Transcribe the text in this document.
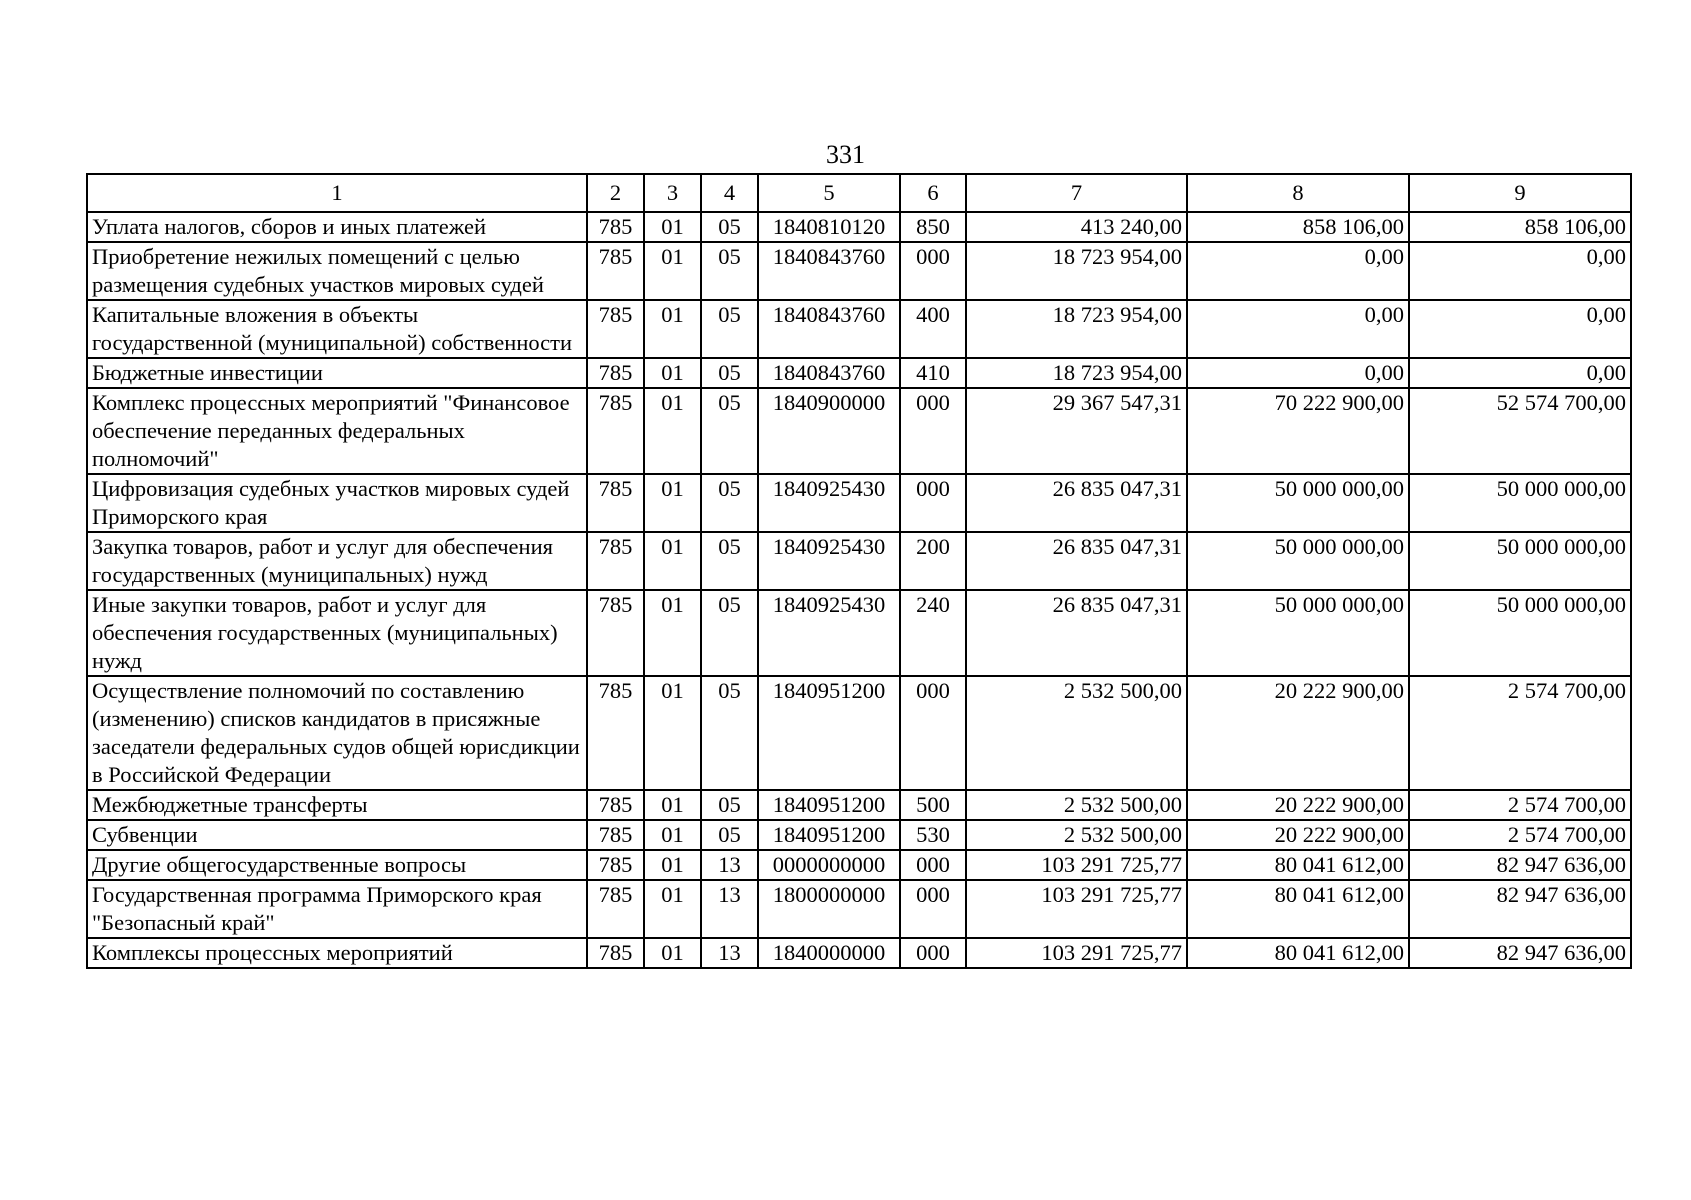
331
1	2	3	4	5	6	7	8	9
Уплата налогов, сборов и иных платежей	785	01	05	1840810120	850	413 240,00	858 106,00	858 106,00
Приобретение нежилых помещений с целью размещения судебных участков мировых судей	785	01	05	1840843760	000	18 723 954,00	0,00	0,00
Капитальные вложения в объекты государственной (муниципальной) собственности	785	01	05	1840843760	400	18 723 954,00	0,00	0,00
Бюджетные инвестиции	785	01	05	1840843760	410	18 723 954,00	0,00	0,00
Комплекс процессных мероприятий "Финансовое обеспечение переданных федеральных полномочий"	785	01	05	1840900000	000	29 367 547,31	70 222 900,00	52 574 700,00
Цифровизация судебных участков мировых судей Приморского края	785	01	05	1840925430	000	26 835 047,31	50 000 000,00	50 000 000,00
Закупка товаров, работ и услуг для обеспечения государственных (муниципальных) нужд	785	01	05	1840925430	200	26 835 047,31	50 000 000,00	50 000 000,00
Иные закупки товаров, работ и услуг для обеспечения государственных (муниципальных) нужд	785	01	05	1840925430	240	26 835 047,31	50 000 000,00	50 000 000,00
Осуществление полномочий по составлению (изменению) списков кандидатов в присяжные заседатели федеральных судов общей юрисдикции в Российской Федерации	785	01	05	1840951200	000	2 532 500,00	20 222 900,00	2 574 700,00
Межбюджетные трансферты	785	01	05	1840951200	500	2 532 500,00	20 222 900,00	2 574 700,00
Субвенции	785	01	05	1840951200	530	2 532 500,00	20 222 900,00	2 574 700,00
Другие общегосударственные вопросы	785	01	13	0000000000	000	103 291 725,77	80 041 612,00	82 947 636,00
Государственная программа Приморского края "Безопасный край"	785	01	13	1800000000	000	103 291 725,77	80 041 612,00	82 947 636,00
Комплексы процессных мероприятий	785	01	13	1840000000	000	103 291 725,77	80 041 612,00	82 947 636,00
